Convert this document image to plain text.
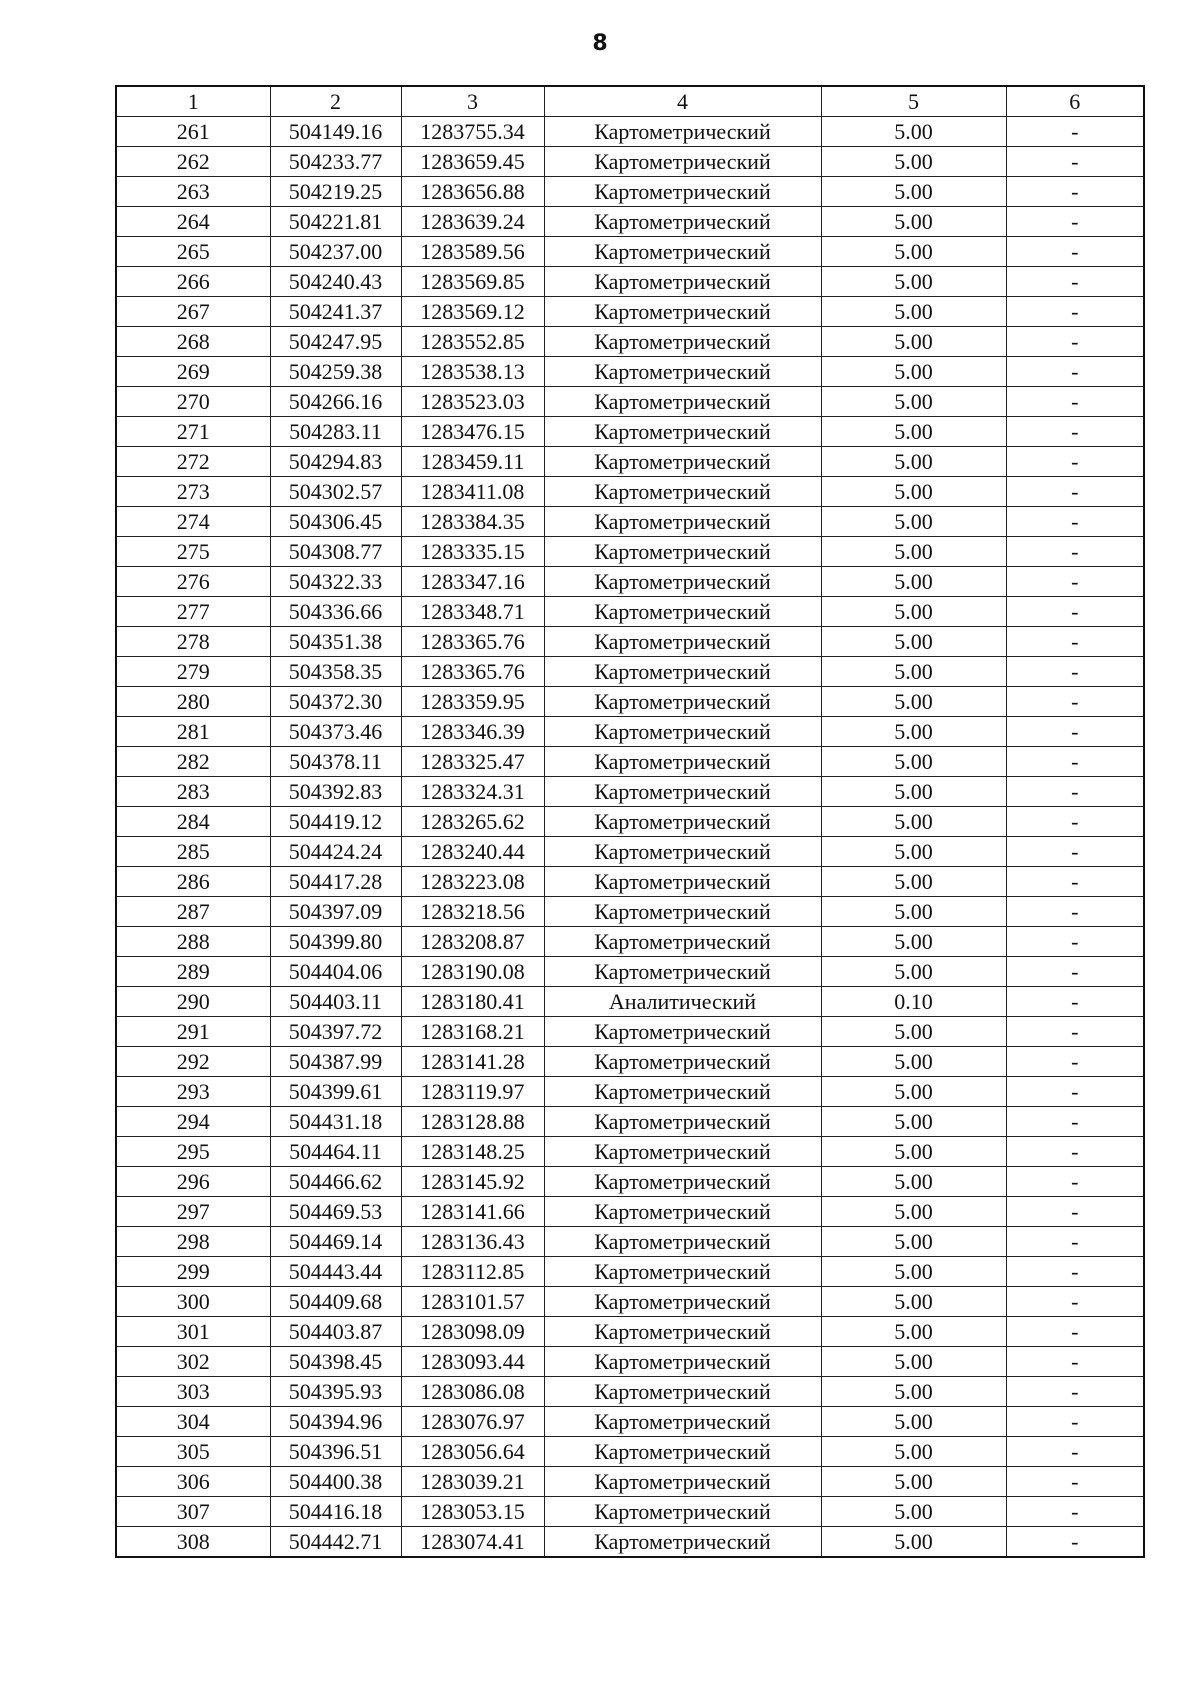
8
1	2	3	4	5	6
261	504149.16	1283755.34	Картометрический	5.00	-
262	504233.77	1283659.45	Картометрический	5.00	-
263	504219.25	1283656.88	Картометрический	5.00	-
264	504221.81	1283639.24	Картометрический	5.00	-
265	504237.00	1283589.56	Картометрический	5.00	-
266	504240.43	1283569.85	Картометрический	5.00	-
267	504241.37	1283569.12	Картометрический	5.00	-
268	504247.95	1283552.85	Картометрический	5.00	-
269	504259.38	1283538.13	Картометрический	5.00	-
270	504266.16	1283523.03	Картометрический	5.00	-
271	504283.11	1283476.15	Картометрический	5.00	-
272	504294.83	1283459.11	Картометрический	5.00	-
273	504302.57	1283411.08	Картометрический	5.00	-
274	504306.45	1283384.35	Картометрический	5.00	-
275	504308.77	1283335.15	Картометрический	5.00	-
276	504322.33	1283347.16	Картометрический	5.00	-
277	504336.66	1283348.71	Картометрический	5.00	-
278	504351.38	1283365.76	Картометрический	5.00	-
279	504358.35	1283365.76	Картометрический	5.00	-
280	504372.30	1283359.95	Картометрический	5.00	-
281	504373.46	1283346.39	Картометрический	5.00	-
282	504378.11	1283325.47	Картометрический	5.00	-
283	504392.83	1283324.31	Картометрический	5.00	-
284	504419.12	1283265.62	Картометрический	5.00	-
285	504424.24	1283240.44	Картометрический	5.00	-
286	504417.28	1283223.08	Картометрический	5.00	-
287	504397.09	1283218.56	Картометрический	5.00	-
288	504399.80	1283208.87	Картометрический	5.00	-
289	504404.06	1283190.08	Картометрический	5.00	-
290	504403.11	1283180.41	Аналитический	0.10	-
291	504397.72	1283168.21	Картометрический	5.00	-
292	504387.99	1283141.28	Картометрический	5.00	-
293	504399.61	1283119.97	Картометрический	5.00	-
294	504431.18	1283128.88	Картометрический	5.00	-
295	504464.11	1283148.25	Картометрический	5.00	-
296	504466.62	1283145.92	Картометрический	5.00	-
297	504469.53	1283141.66	Картометрический	5.00	-
298	504469.14	1283136.43	Картометрический	5.00	-
299	504443.44	1283112.85	Картометрический	5.00	-
300	504409.68	1283101.57	Картометрический	5.00	-
301	504403.87	1283098.09	Картометрический	5.00	-
302	504398.45	1283093.44	Картометрический	5.00	-
303	504395.93	1283086.08	Картометрический	5.00	-
304	504394.96	1283076.97	Картометрический	5.00	-
305	504396.51	1283056.64	Картометрический	5.00	-
306	504400.38	1283039.21	Картометрический	5.00	-
307	504416.18	1283053.15	Картометрический	5.00	-
308	504442.71	1283074.41	Картометрический	5.00	-
